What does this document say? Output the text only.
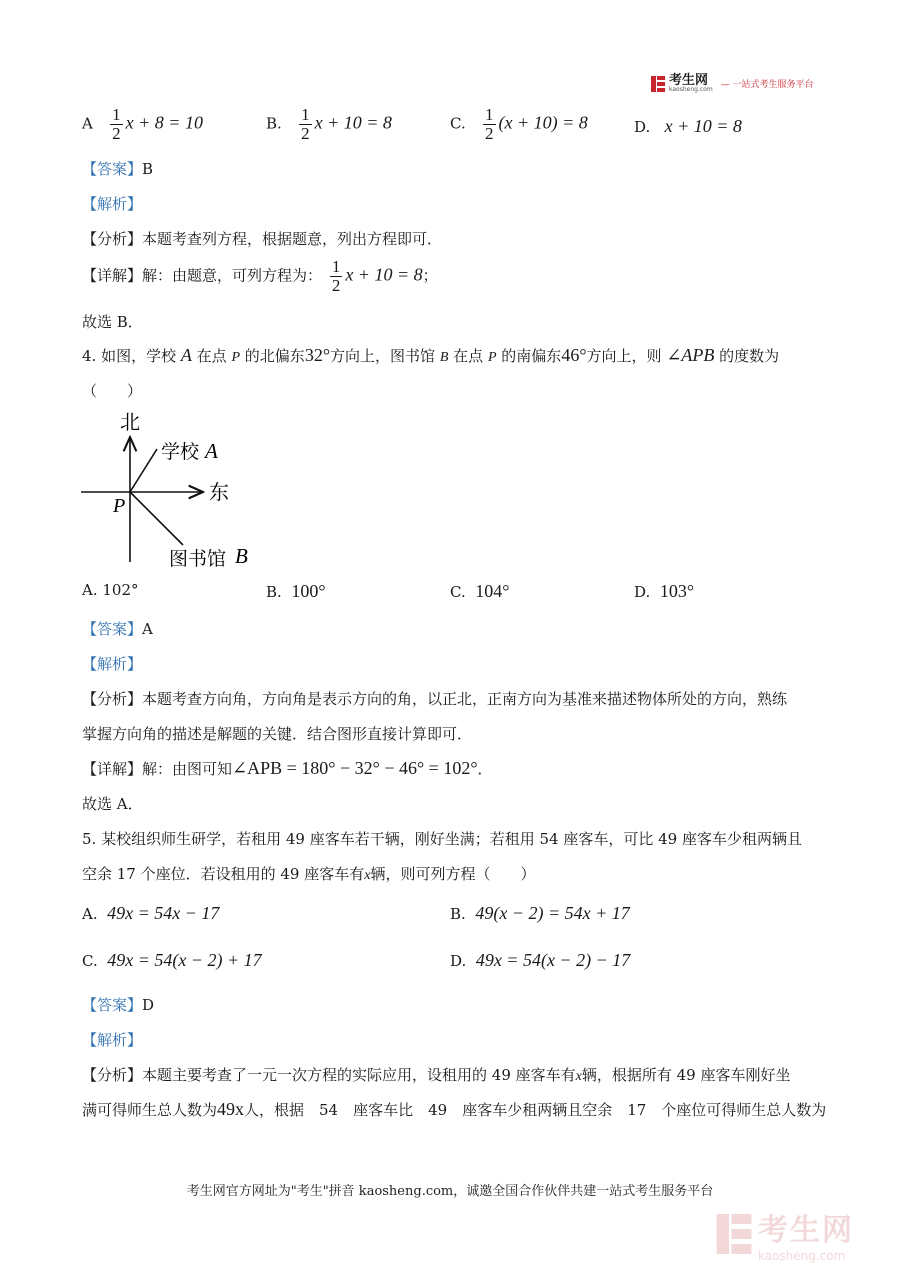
考生网
kaosheng.com — 一站式考生服务平台
A $\frac{1}{2}$ x + 8 = 10	B. $\frac{1}{2}$ x + 10 = 8	C. $\frac{1}{2} (x + 10) = 8$	D. x + 10 = 8
【答案】B
【解析】
【分析】本题考查列方程，根据题意，列出方程即可．
【详解】解：由题意，可列方程为： $\frac{1}{2}$ x + 10 = 8；
故选 B．
4. 如图，学校 A 在点 P 的北偏东32°方向上，图书馆 B 在点 P 的南偏东46°方向上，则 ∠APB 的度数为
（　　）
北
东
学校 A
P
图书馆 B
A. 102°	B. 100°	C. 104°	D. 103°
【答案】A
【解析】
【分析】本题考查方向角，方向角是表示方向的角，以正北，正南方向为基准来描述物体所处的方向，熟练
掌握方向角的描述是解题的关键．结合图形直接计算即可．
【详解】解：由图可知∠APB = 180° − 32° − 46° = 102°．
故选 A．
5. 某校组织师生研学，若租用 49 座客车若干辆，刚好坐满；若租用 54 座客车，可比 49 座客车少租两辆且
空余 17 个座位．若设租用的 49 座客车有x辆，则可列方程（　　）
A. 49x = 54x − 17	B. 49(x − 2) = 54x + 17
C. 49x = 54(x − 2) + 17	D. 49x = 54(x − 2) − 17
【答案】D
【解析】
【分析】本题主要考查了一元一次方程的实际应用，设租用的 49 座客车有x辆，根据所有 49 座客车刚好坐
满可得师生总人数为49x人，根据　54　座客车比　49　座客车少租两辆且空余　17　个座位可得师生总人数为
考生网官方网址为"考生"拼音 kaosheng.com，诚邀全国合作伙伴共建一站式考生服务平台
考生网
kaosheng.com
